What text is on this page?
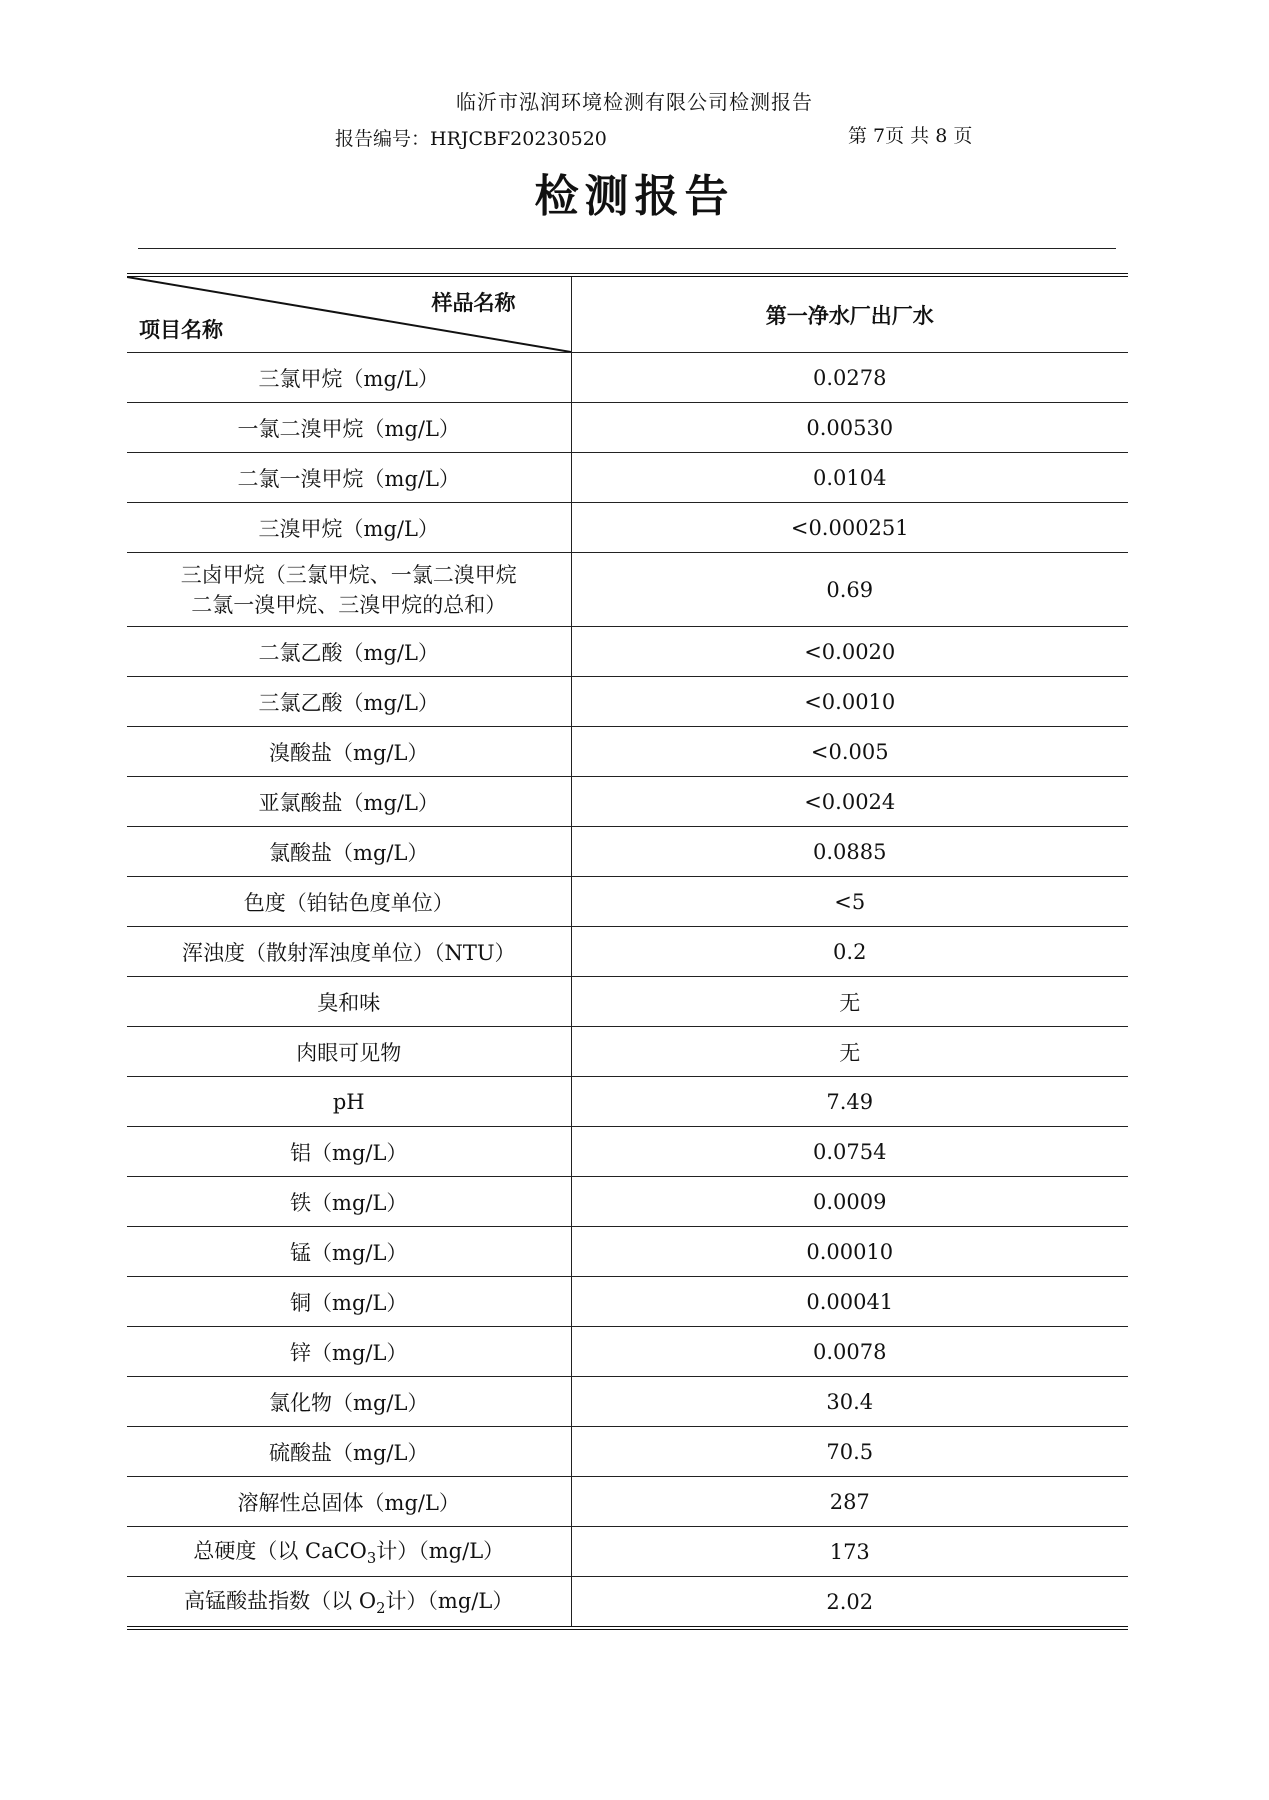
临沂市泓润环境检测有限公司检测报告
报告编号：HRJCBF20230520	第 7页 共 8 页
检测报告
样品名称
项目名称	第一净水厂出厂水
三氯甲烷（mg/L）	0.0278
一氯二溴甲烷（mg/L）	0.00530
二氯一溴甲烷（mg/L）	0.0104
三溴甲烷（mg/L）	<0.000251

三卤甲烷（三氯甲烷、一氯二溴甲烷
二氯一溴甲烷、三溴甲烷的总和）	0.69
二氯乙酸（mg/L）	<0.0020
三氯乙酸（mg/L）	<0.0010
溴酸盐（mg/L）	<0.005
亚氯酸盐（mg/L）	<0.0024
氯酸盐（mg/L）	0.0885
色度（铂钴色度单位）	<5
浑浊度（散射浑浊度单位）（NTU）	0.2
臭和味	无
肉眼可见物	无
pH	7.49
铝（mg/L）	0.0754
铁（mg/L）	0.0009
锰（mg/L）	0.00010
铜（mg/L）	0.00041
锌（mg/L）	0.0078
氯化物（mg/L）	30.4
硫酸盐（mg/L）	70.5
溶解性总固体（mg/L）	287
总硬度（以 CaCO$_3$计）（mg/L）	173
高锰酸盐指数（以 $O_2$计）（mg/L）	2.02
